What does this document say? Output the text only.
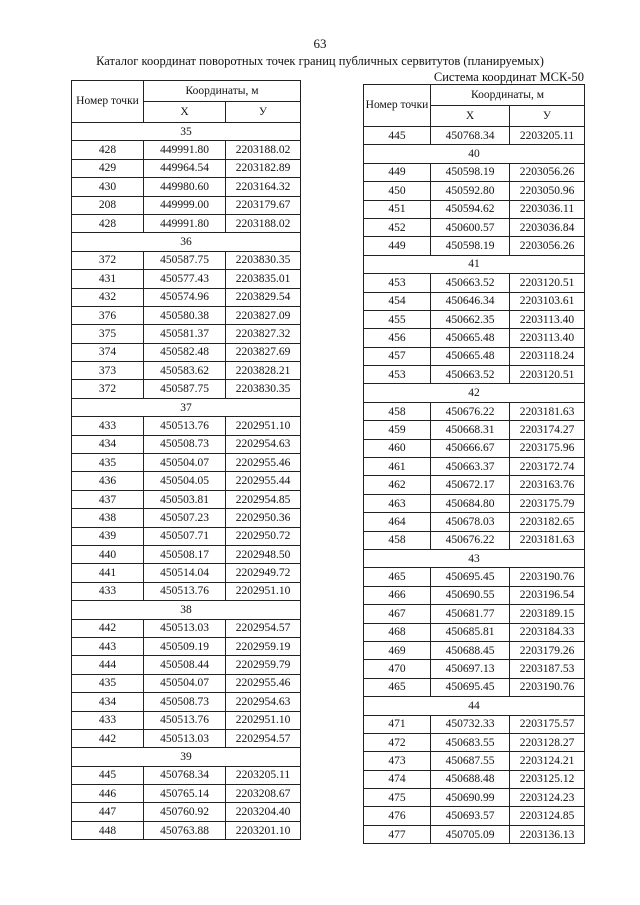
63
Каталог координат поворотных точек границ публичных сервитутов (планируемых)
Система координат МСК-50
Номер точки	Координаты, м	
	X	У
35		
428	449991.80	2203188.02
429	449964.54	2203182.89
430	449980.60	2203164.32
208	449999.00	2203179.67
428	449991.80	2203188.02
36		
372	450587.75	2203830.35
431	450577.43	2203835.01
432	450574.96	2203829.54
376	450580.38	2203827.09
375	450581.37	2203827.32
374	450582.48	2203827.69
373	450583.62	2203828.21
372	450587.75	2203830.35
37		
433	450513.76	2202951.10
434	450508.73	2202954.63
435	450504.07	2202955.46
436	450504.05	2202955.44
437	450503.81	2202954.85
438	450507.23	2202950.36
439	450507.71	2202950.72
440	450508.17	2202948.50
441	450514.04	2202949.72
433	450513.76	2202951.10
38		
442	450513.03	2202954.57
443	450509.19	2202959.19
444	450508.44	2202959.79
435	450504.07	2202955.46
434	450508.73	2202954.63
433	450513.76	2202951.10
442	450513.03	2202954.57
39		
445	450768.34	2203205.11
446	450765.14	2203208.67
447	450760.92	2203204.40
448	450763.88	2203201.10
Номер точки	Координаты, м	
	X	У
445	450768.34	2203205.11
40		
449	450598.19	2203056.26
450	450592.80	2203050.96
451	450594.62	2203036.11
452	450600.57	2203036.84
449	450598.19	2203056.26
41		
453	450663.52	2203120.51
454	450646.34	2203103.61
455	450662.35	2203113.40
456	450665.48	2203113.40
457	450665.48	2203118.24
453	450663.52	2203120.51
42		
458	450676.22	2203181.63
459	450668.31	2203174.27
460	450666.67	2203175.96
461	450663.37	2203172.74
462	450672.17	2203163.76
463	450684.80	2203175.79
464	450678.03	2203182.65
458	450676.22	2203181.63
43		
465	450695.45	2203190.76
466	450690.55	2203196.54
467	450681.77	2203189.15
468	450685.81	2203184.33
469	450688.45	2203179.26
470	450697.13	2203187.53
465	450695.45	2203190.76
44		
471	450732.33	2203175.57
472	450683.55	2203128.27
473	450687.55	2203124.21
474	450688.48	2203125.12
475	450690.99	2203124.23
476	450693.57	2203124.85
477	450705.09	2203136.13
